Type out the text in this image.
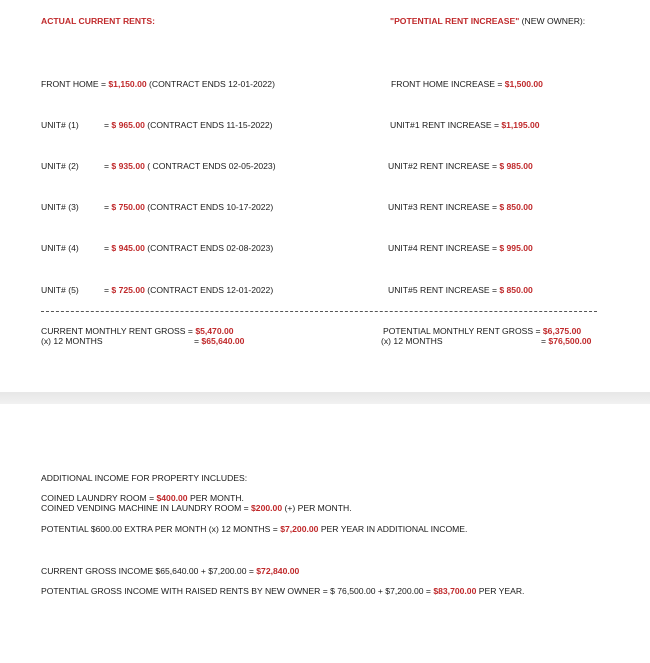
ACTUAL CURRENT RENTS:	"POTENTIAL RENT INCREASE" (NEW OWNER):
FRONT HOME = $1,150.00 (CONTRACT ENDS 12-01-2022)	FRONT HOME INCREASE = $1,500.00
UNIT# (1)	= $ 965.00 (CONTRACT ENDS 11-15-2022)	UNIT#1 RENT INCREASE = $1,195.00
UNIT# (2)	= $ 935.00 ( CONTRACT ENDS 02-05-2023)	UNIT#2 RENT INCREASE = $ 985.00
UNIT# (3)	= $ 750.00 (CONTRACT ENDS 10-17-2022)	UNIT#3 RENT INCREASE = $ 850.00
UNIT# (4)	= $ 945.00 (CONTRACT ENDS 02-08-2023)	UNIT#4 RENT INCREASE = $ 995.00
UNIT# (5)	= $ 725.00 (CONTRACT ENDS 12-01-2022)	UNIT#5 RENT INCREASE = $ 850.00
CURRENT MONTHLY RENT GROSS = $5,470.00
(x) 12 MONTHS	= $65,640.00
POTENTIAL MONTHLY RENT GROSS = $6,375.00
(x) 12 MONTHS	= $76,500.00
ADDITIONAL INCOME FOR PROPERTY INCLUDES:
COINED LAUNDRY ROOM = $400.00 PER MONTH.
COINED VENDING MACHINE IN LAUNDRY ROOM = $200.00 (+) PER MONTH.
POTENTIAL $600.00 EXTRA PER MONTH (x) 12 MONTHS = $7,200.00 PER YEAR IN ADDITIONAL INCOME.
CURRENT GROSS INCOME $65,640.00 + $7,200.00 = $72,840.00
POTENTIAL GROSS INCOME WITH RAISED RENTS BY NEW OWNER = $ 76,500.00 + $7,200.00 = $83,700.00 PER YEAR.
